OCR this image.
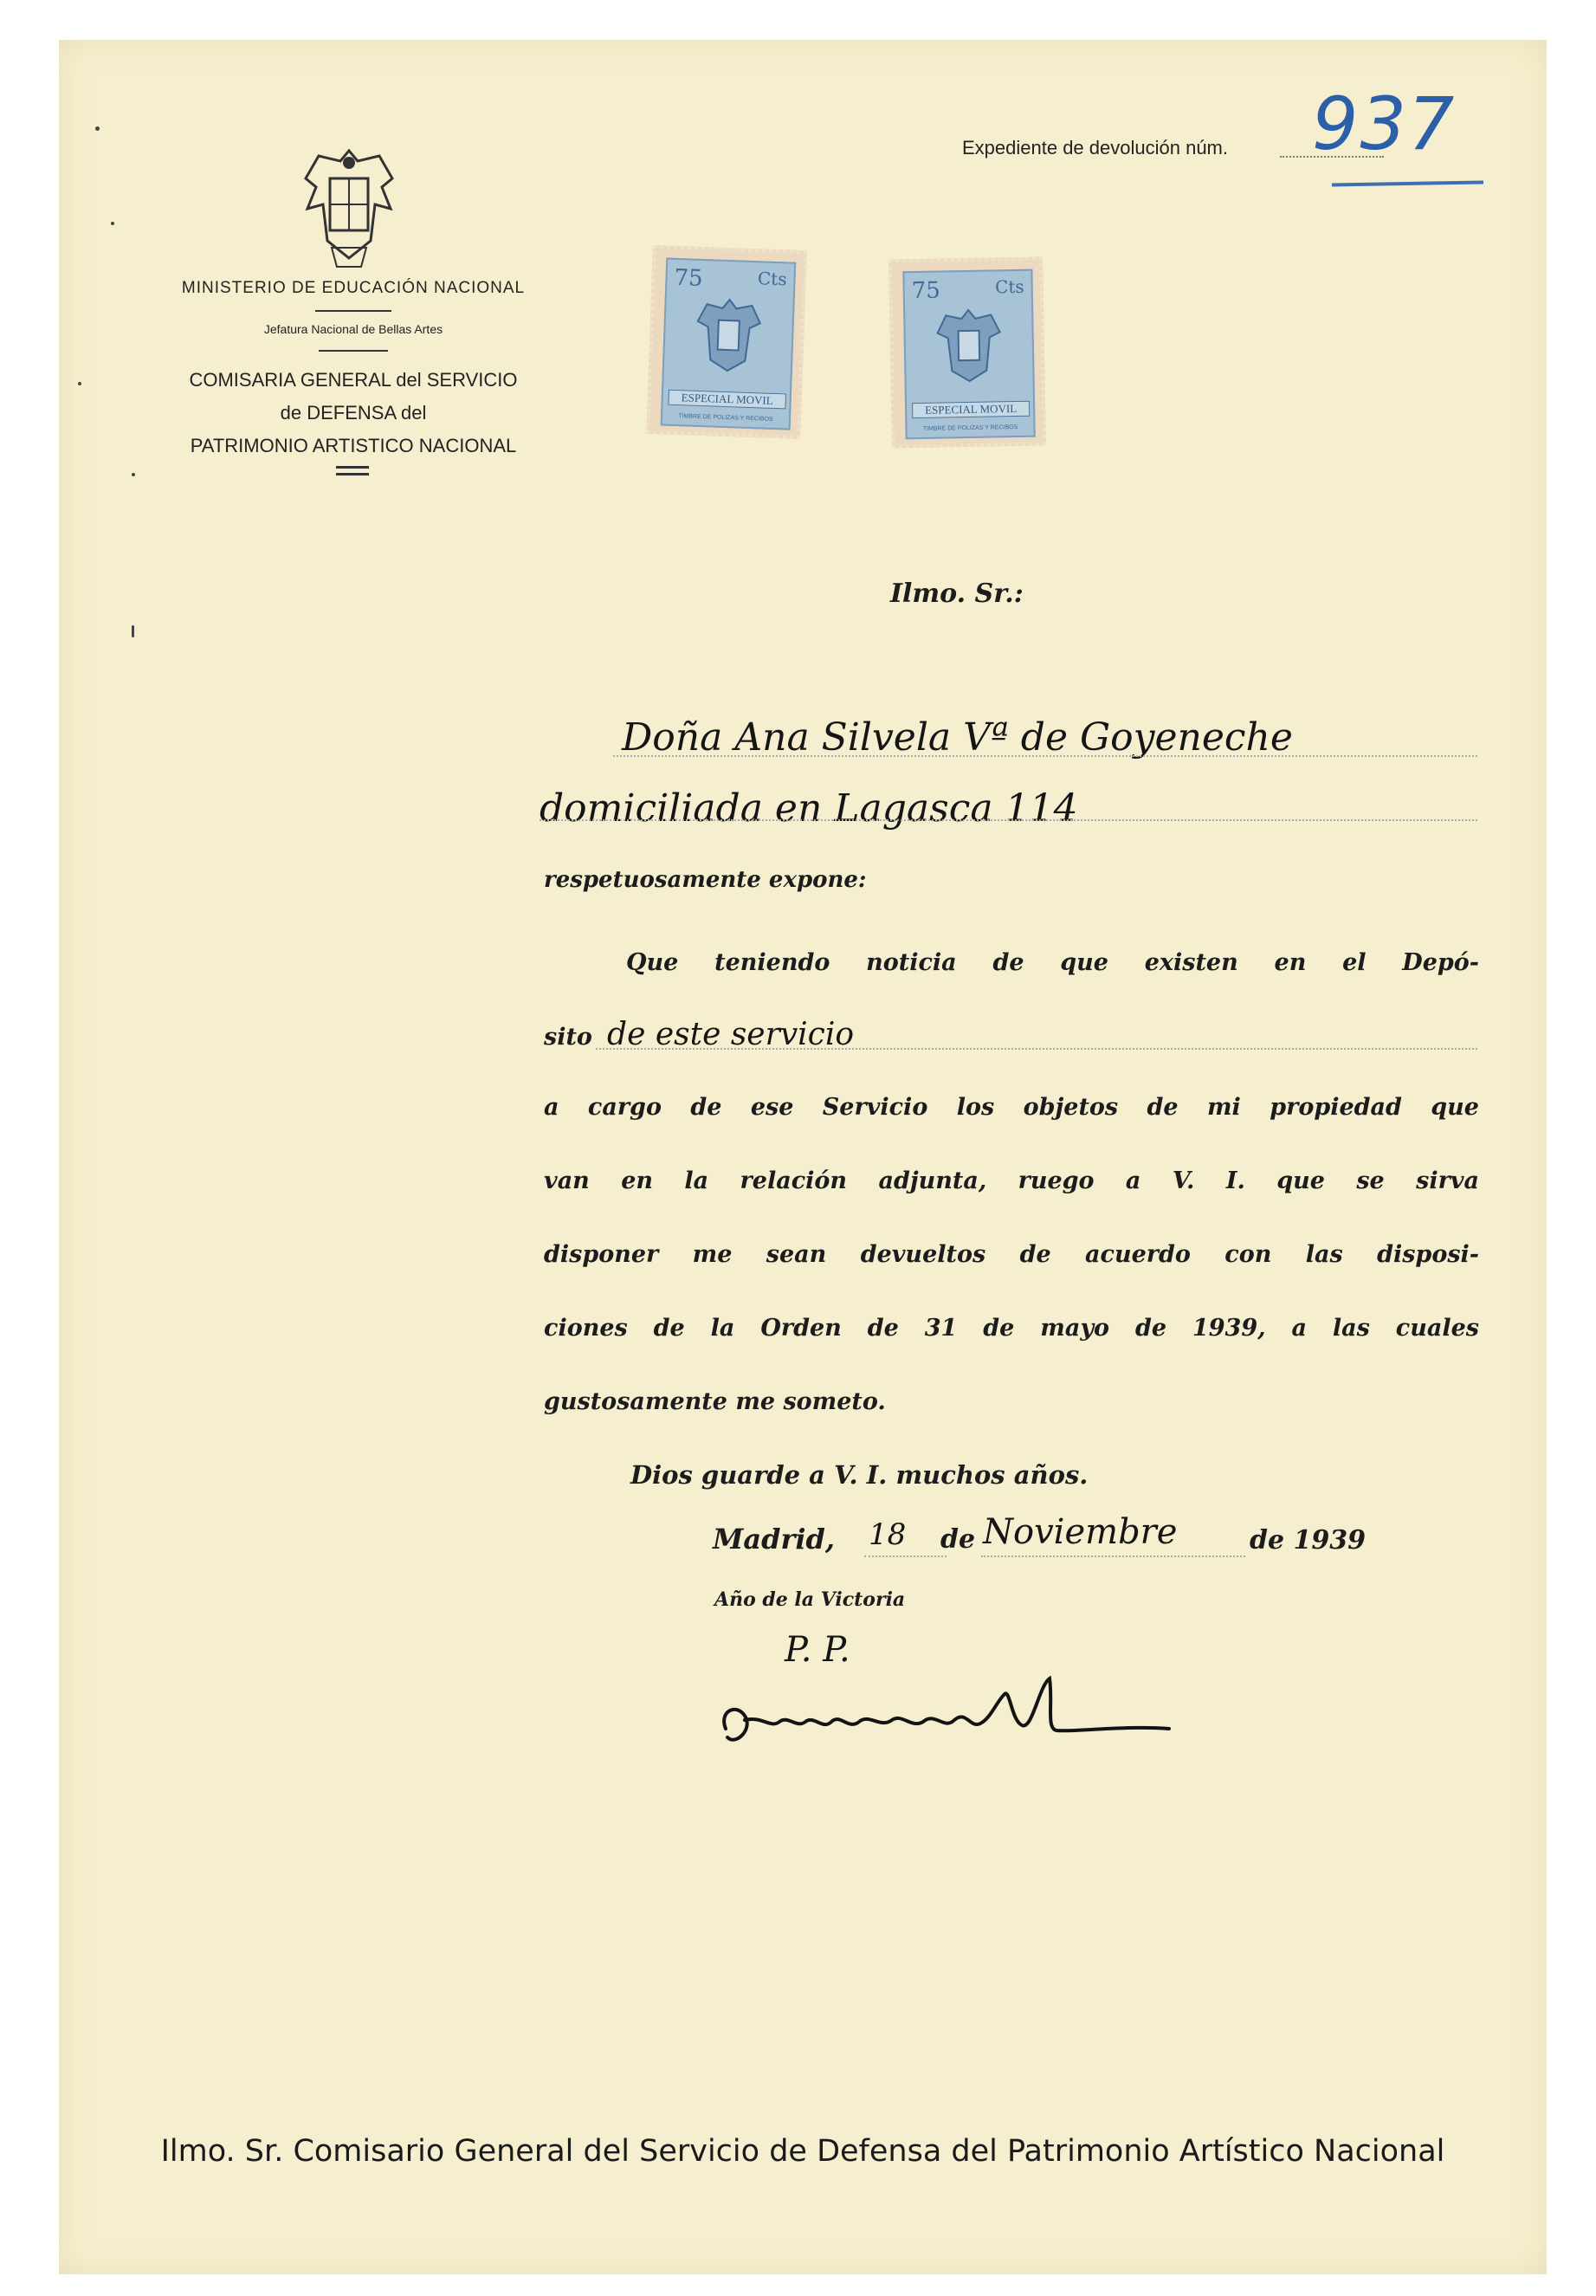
MINISTERIO DE EDUCACIÓN NACIONAL
Jefatura Nacional de Bellas Artes
COMISARIA GENERAL del SERVICIO
de DEFENSA del
PATRIMONIO ARTISTICO NACIONAL
75	Cts
ESPECIAL MOVIL
TIMBRE DE POLIZAS Y RECIBOS
75	Cts
ESPECIAL MOVIL
TIMBRE DE POLIZAS Y RECIBOS
Expediente de devolución núm. 937
Ilmo. Sr.:
Doña Ana Silvela Vª de Goyeneche
domiciliada en Lagasca 114
respetuosamente expone:
Que teniendo noticia de que existen en el Depó-
sito de este servicio
a cargo de ese Servicio los objetos de mi propiedad que
van en la relación adjunta, ruego a V. I. que se sirva
disponer me sean devueltos de acuerdo con las disposi-
ciones de la Orden de 31 de mayo de 1939, a las cuales
gustosamente me someto.
Dios guarde a V. I. muchos años.
Madrid, 18 de Noviembre	de 1939
Año de la Victoria
P. P.
Ilmo. Sr. Comisario General del Servicio de Defensa del Patrimonio Artístico Nacional
